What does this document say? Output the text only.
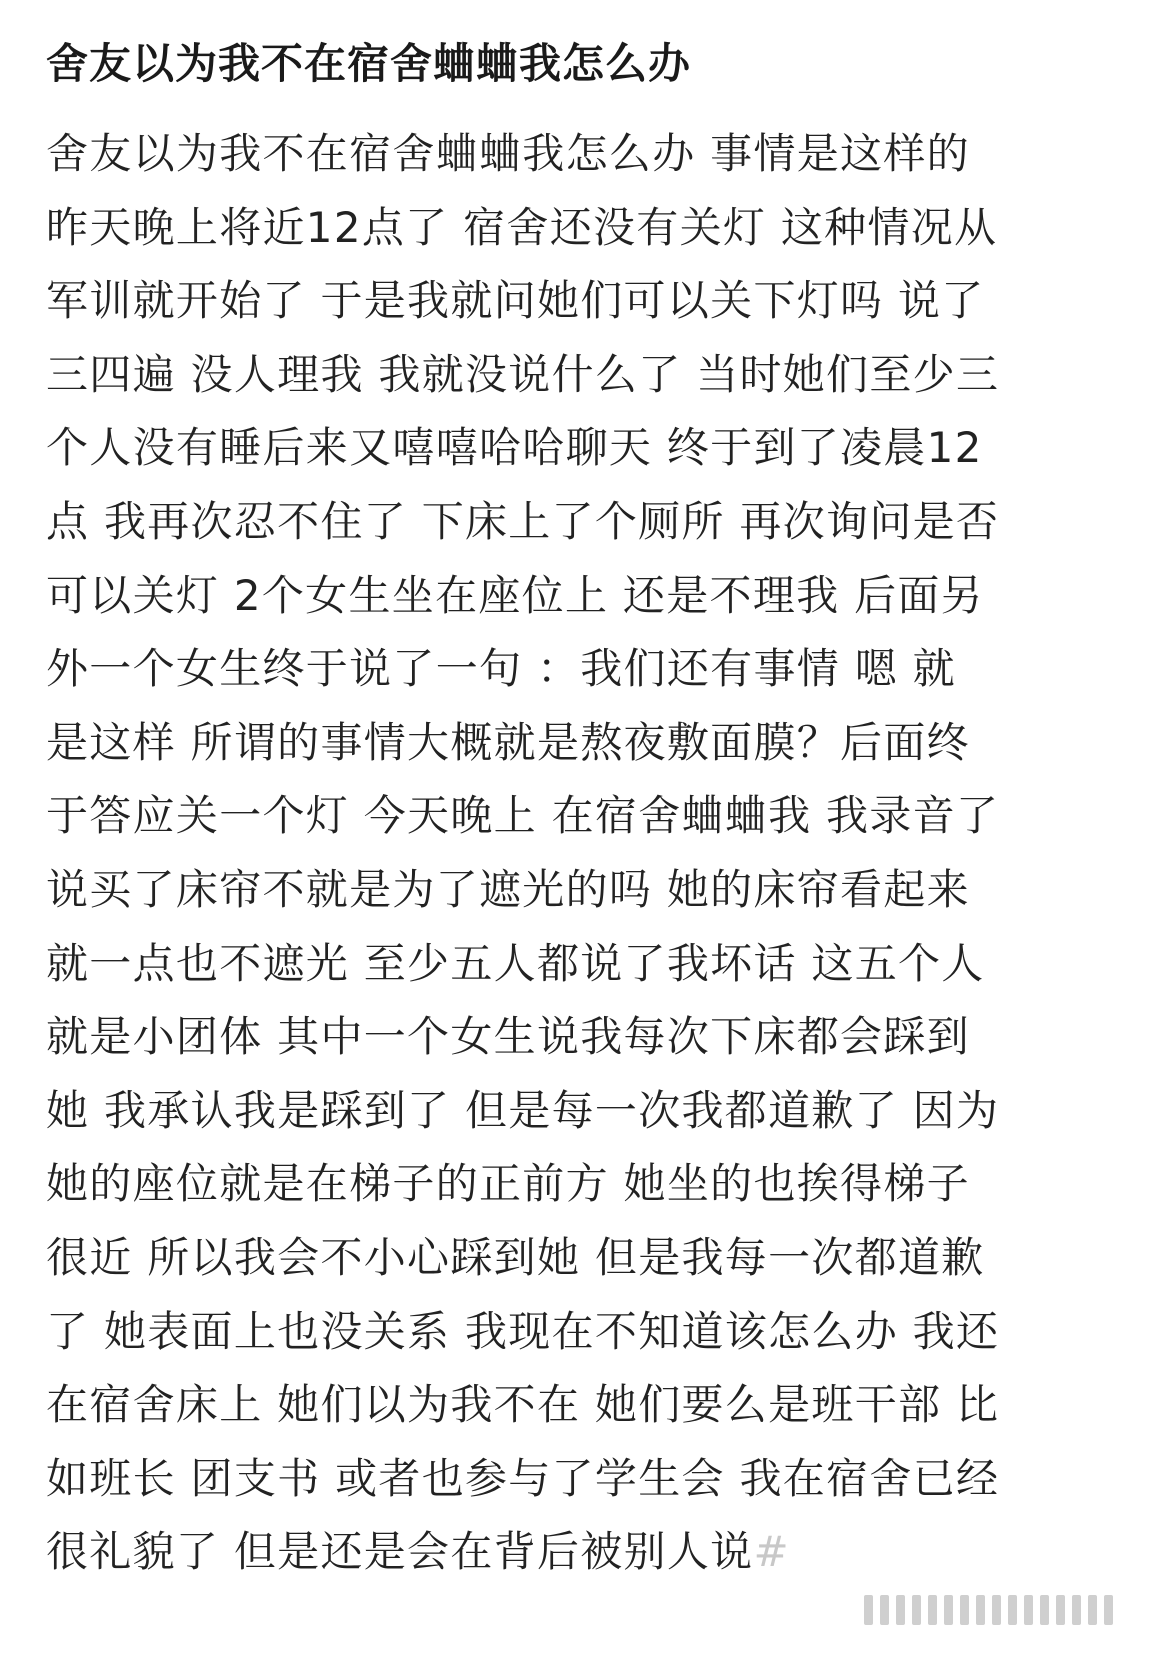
舍友以为我不在宿舍蛐蛐我怎么办
舍友以为我不在宿舍蛐蛐我怎么办 事情是这样的
昨天晚上将近12点了 宿舍还没有关灯 这种情况从
军训就开始了 于是我就问她们可以关下灯吗 说了
三四遍 没人理我 我就没说什么了 当时她们至少三
个人没有睡后来又嘻嘻哈哈聊天 终于到了凌晨12
点 我再次忍不住了 下床上了个厕所 再次询问是否
可以关灯 2个女生坐在座位上 还是不理我 后面另
外一个女生终于说了一句 ：我们还有事情 嗯 就
是这样 所谓的事情大概就是熬夜敷面膜？后面终
于答应关一个灯 今天晚上 在宿舍蛐蛐我 我录音了
说买了床帘不就是为了遮光的吗 她的床帘看起来
就一点也不遮光 至少五人都说了我坏话 这五个人
就是小团体 其中一个女生说我每次下床都会踩到
她 我承认我是踩到了 但是每一次我都道歉了 因为
她的座位就是在梯子的正前方 她坐的也挨得梯子
很近 所以我会不小心踩到她 但是我每一次都道歉
了 她表面上也没关系 我现在不知道该怎么办 我还
在宿舍床上 她们以为我不在 她们要么是班干部 比
如班长 团支书 或者也参与了学生会 我在宿舍已经
很礼貌了 但是还是会在背后被别人说#
